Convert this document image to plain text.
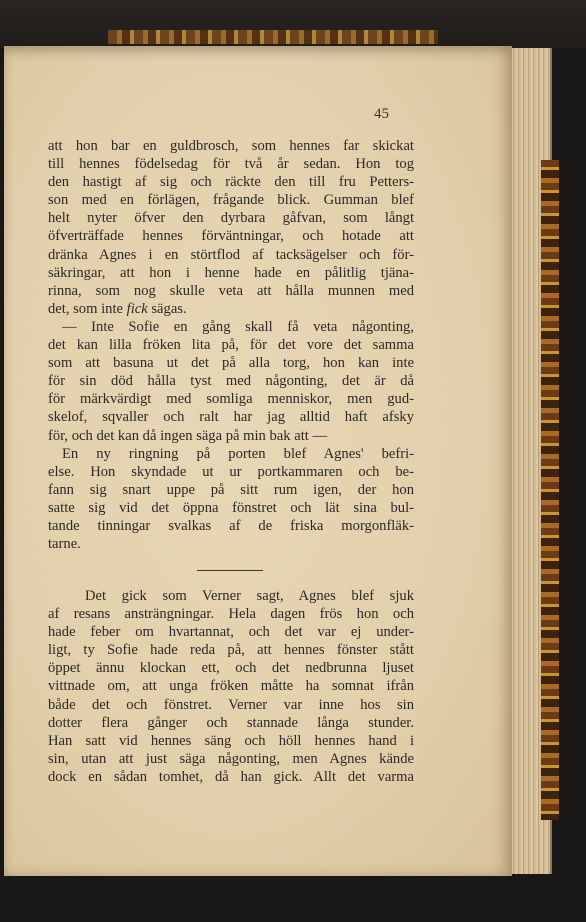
45
att hon bar en guldbrosch, som hennes far skickat
till hennes födelsedag för två år sedan. Hon tog
den hastigt af sig och räckte den till fru Petters-
son med en förlägen, frågande blick. Gumman blef
helt nyter öfver den dyrbara gåfvan, som långt
öfverträffade hennes förväntningar, och hotade att
dränka Agnes i en störtflod af tacksägelser och för-
säkringar, att hon i henne hade en pålitlig tjäna-
rinna, som nog skulle veta att hålla munnen med
det, som inte fick sägas.
— Inte Sofie en gång skall få veta någonting,
det kan lilla fröken lita på, för det vore det samma
som att basuna ut det på alla torg, hon kan inte
för sin död hålla tyst med någonting, det är då
för märkvärdigt med somliga menniskor, men gud-
skelof, sqvaller och ralt har jag alltid haft afsky
för, och det kan då ingen säga på min bak att —
En ny ringning på porten blef Agnes' befri-
else. Hon skyndade ut ur portkammaren och be-
fann sig snart uppe på sitt rum igen, der hon
satte sig vid det öppna fönstret och lät sina bul-
tande tinningar svalkas af de friska morgonfläk-
tarne.
Det gick som Verner sagt, Agnes blef sjuk
af resans ansträngningar. Hela dagen frös hon och
hade feber om hvartannat, och det var ej under-
ligt, ty Sofie hade reda på, att hennes fönster stått
öppet ännu klockan ett, och det nedbrunna ljuset
vittnade om, att unga fröken måtte ha somnat ifrån
både det och fönstret. Verner var inne hos sin
dotter flera gånger och stannade långa stunder.
Han satt vid hennes säng och höll hennes hand i
sin, utan att just säga någonting, men Agnes kände
dock en sådan tomhet, då han gick. Allt det varma
